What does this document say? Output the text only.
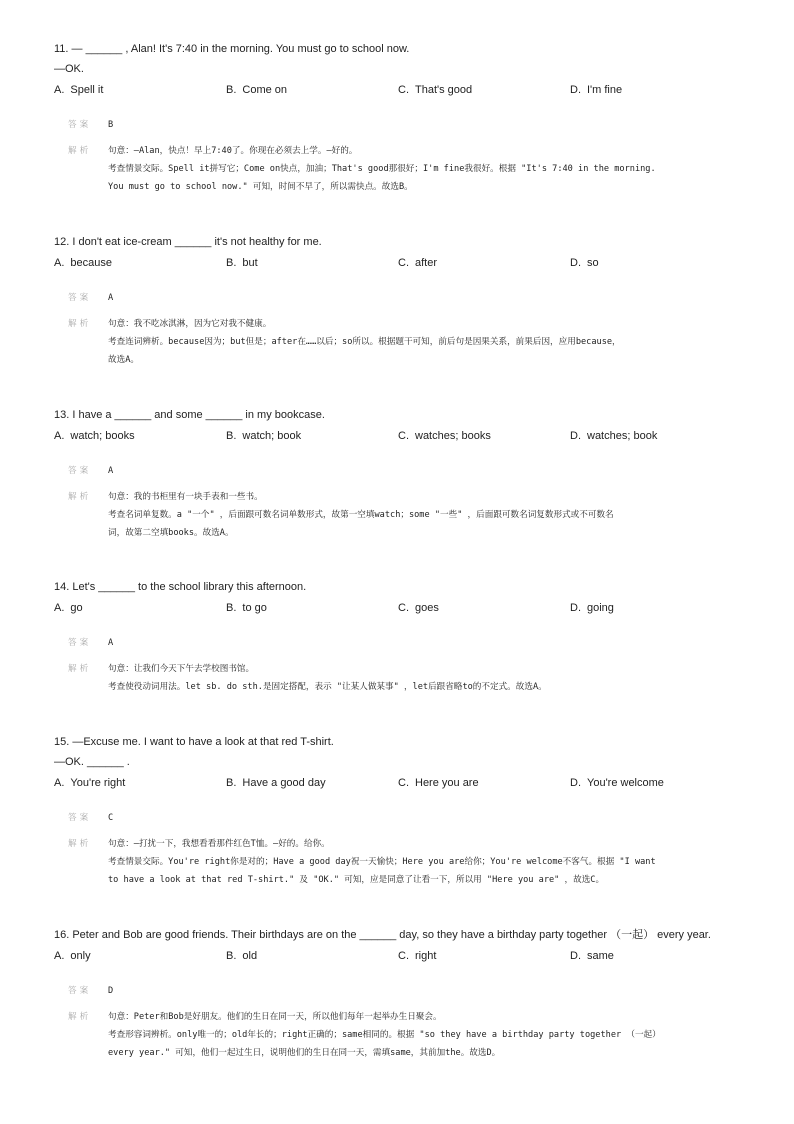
11. — ______ , Alan! It's 7:40 in the morning. You must go to school now.
—OK.
A. Spell it	B. Come on	C. That's good	D. I'm fine
答案	B
解析	句意：—Alan，快点！早上7:40了。你现在必须去上学。—好的。

考查情景交际。Spell it拼写它；Come on快点，加油；That's good那很好；I'm fine我很好。根据 "It's 7:40 in the morning.

You must go to school now." 可知，时间不早了，所以需快点。故选B。

12. I don't eat ice-cream ______ it's not healthy for me.
A. because	B. but	C. after	D. so
答案	A
解析	句意：我不吃冰淇淋，因为它对我不健康。

考查连词辨析。because因为；but但是；after在……以后；so所以。根据题干可知，前后句是因果关系，前果后因，应用because，

故选A。

13. I have a ______ and some ______ in my bookcase.
A. watch; books	B. watch; book	C. watches; books	D. watches; book
答案	A
解析	句意：我的书柜里有一块手表和一些书。

考查名词单复数。a "一个" ，后面跟可数名词单数形式，故第一空填watch；some "一些" ，后面跟可数名词复数形式或不可数名

词，故第二空填books。故选A。

14. Let's ______ to the school library this afternoon.
A. go	B. to go	C. goes	D. going
答案	A
解析	句意：让我们今天下午去学校图书馆。

考查使役动词用法。let sb. do sth.是固定搭配，表示 "让某人做某事" ，let后跟省略to的不定式。故选A。

15. —Excuse me. I want to have a look at that red T-shirt.
—OK. ______ .
A. You're right	B. Have a good day	C. Here you are	D. You're welcome
答案	C
解析	句意：—打扰一下，我想看看那件红色T恤。—好的。给你。

考查情景交际。You're right你是对的；Have a good day祝一天愉快；Here you are给你；You're welcome不客气。根据 "I want

to have a look at that red T-shirt." 及 "OK." 可知，应是同意了让看一下，所以用 "Here you are" ，故选C。

16. Peter and Bob are good friends. Their birthdays are on the ______ day, so they have a birthday party together （一起） every year.
A. only	B. old	C. right	D. same
答案	D
解析	句意：Peter和Bob是好朋友。他们的生日在同一天，所以他们每年一起举办生日聚会。

考查形容词辨析。only唯一的；old年长的；right正确的；same相同的。根据 "so they have a birthday party together （一起）

every year." 可知，他们一起过生日，说明他们的生日在同一天，需填same，其前加the。故选D。
